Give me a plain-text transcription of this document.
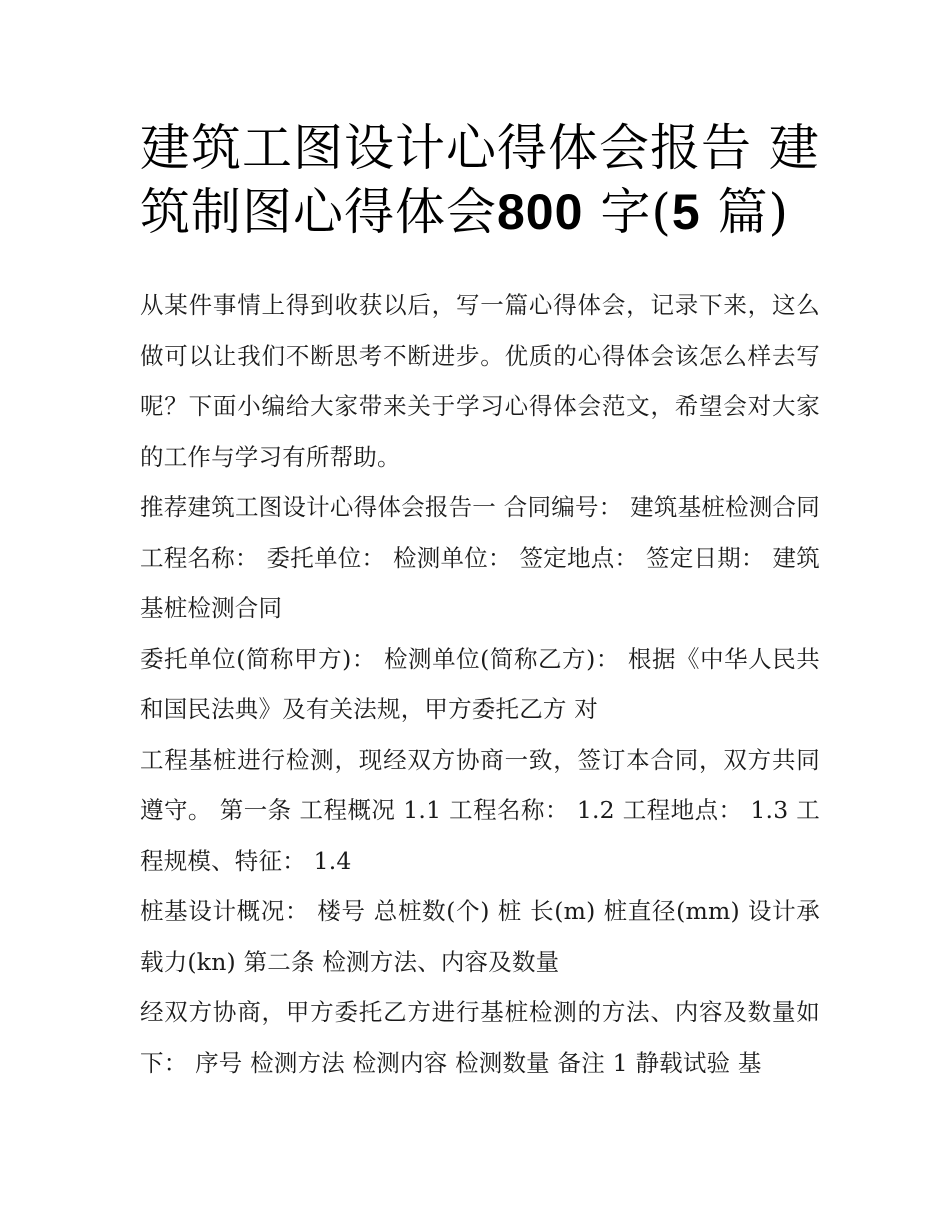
建筑工图设计心得体会报告 建筑制图心得体会800 字(5 篇)

从某件事情上得到收获以后，写一篇心得体会，记录下来，这么做可以让我们不断思考不断进步。优质的心得体会该怎么样去写呢？下面小编给大家带来关于学习心得体会范文，希望会对大家的工作与学习有所帮助。

推荐建筑工图设计心得体会报告一 合同编号： 建筑基桩检测合同 工程名称： 委托单位： 检测单位： 签定地点： 签定日期： 建筑基桩检测合同

委托单位(简称甲方)： 检测单位(简称乙方)： 根据《中华人民共和国民法典》及有关法规，甲方委托乙方 对

工程基桩进行检测，现经双方协商一致，签订本合同，双方共同遵守。 第一条 工程概况 1.1 工程名称： 1.2 工程地点： 1.3 工程规模、特征： 1.4

桩基设计概况： 楼号 总桩数(个) 桩 长(m) 桩直径(mm) 设计承载力(kn) 第二条 检测方法、内容及数量

经双方协商，甲方委托乙方进行基桩检测的方法、内容及数量如下： 序号 检测方法 检测内容 检测数量 备注 1 静载试验 基
